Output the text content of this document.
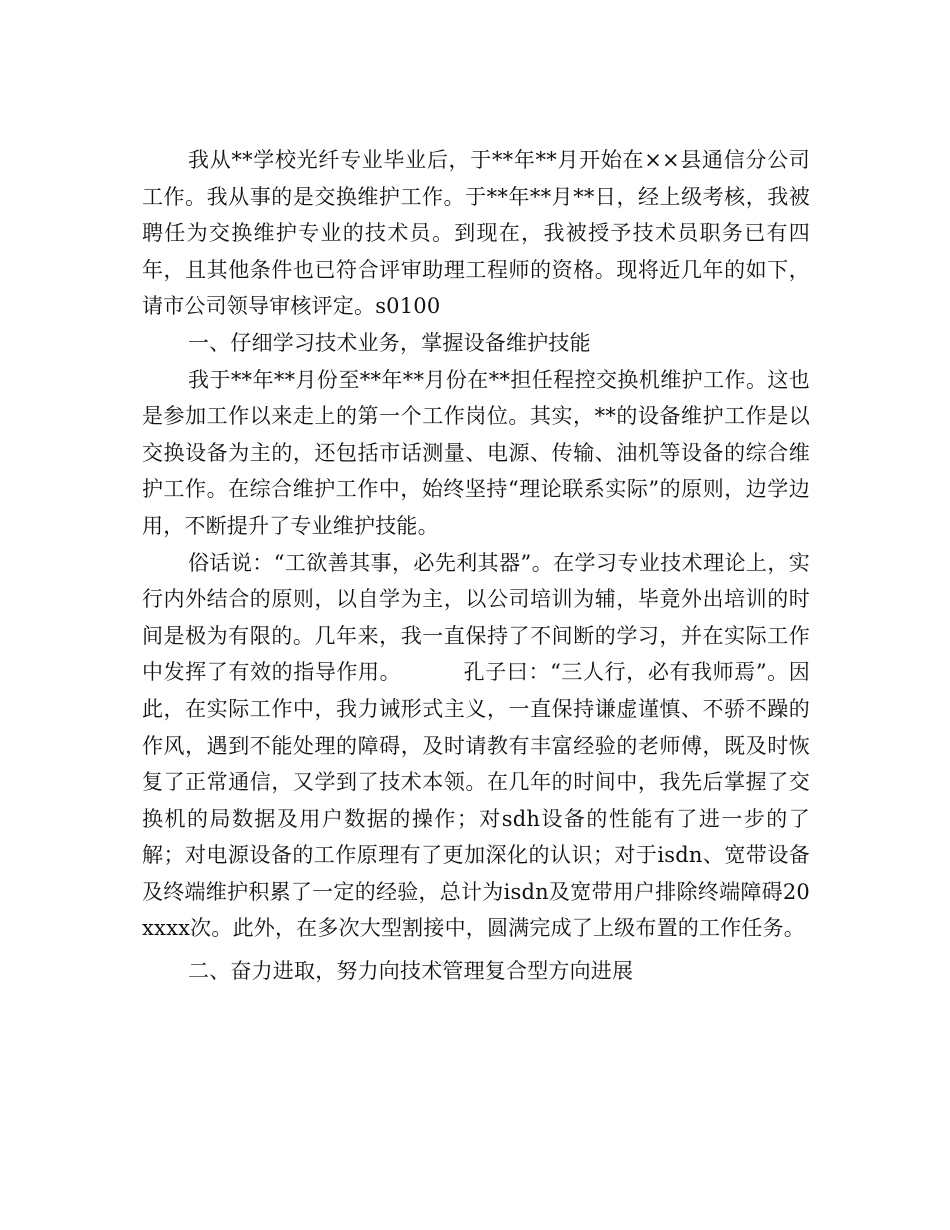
我从**学校光纤专业毕业后，于**年**月开始在××县通信分公司工作。我从事的是交换维护工作。于**年**月**日，经上级考核，我被聘任为交换维护专业的技术员。到现在，我被授予技术员职务已有四年，且其他条件也已符合评审助理工程师的资格。现将近几年的如下，请市公司领导审核评定。s0100

一、仔细学习技术业务，掌握设备维护技能

我于**年**月份至**年**月份在**担任程控交换机维护工作。这也是参加工作以来走上的第一个工作岗位。其实，**的设备维护工作是以交换设备为主的，还包括市话测量、电源、传输、油机等设备的综合维护工作。在综合维护工作中，始终坚持“理论联系实际”的原则，边学边用，不断提升了专业维护技能。

俗话说：“工欲善其事，必先利其器”。在学习专业技术理论上，实行内外结合的原则，以自学为主，以公司培训为辅，毕竟外出培训的时间是极为有限的。几年来，我一直保持了不间断的学习，并在实际工作中发挥了有效的指导作用。	孔子曰：“三人行，必有我师焉”。因此，在实际工作中，我力诫形式主义，一直保持谦虚谨慎、不骄不躁的作风，遇到不能处理的障碍，及时请教有丰富经验的老师傅，既及时恢复了正常通信，又学到了技术本领。在几年的时间中，我先后掌握了交换机的局数据及用户数据的操作；对sdh设备的性能有了进一步的了解；对电源设备的工作原理有了更加深化的认识；对于isdn、宽带设备及终端维护积累了一定的经验，总计为isdn及宽带用户排除终端障碍20xxxx次。此外，在多次大型割接中，圆满完成了上级布置的工作任务。

二、奋力进取，努力向技术管理复合型方向进展
